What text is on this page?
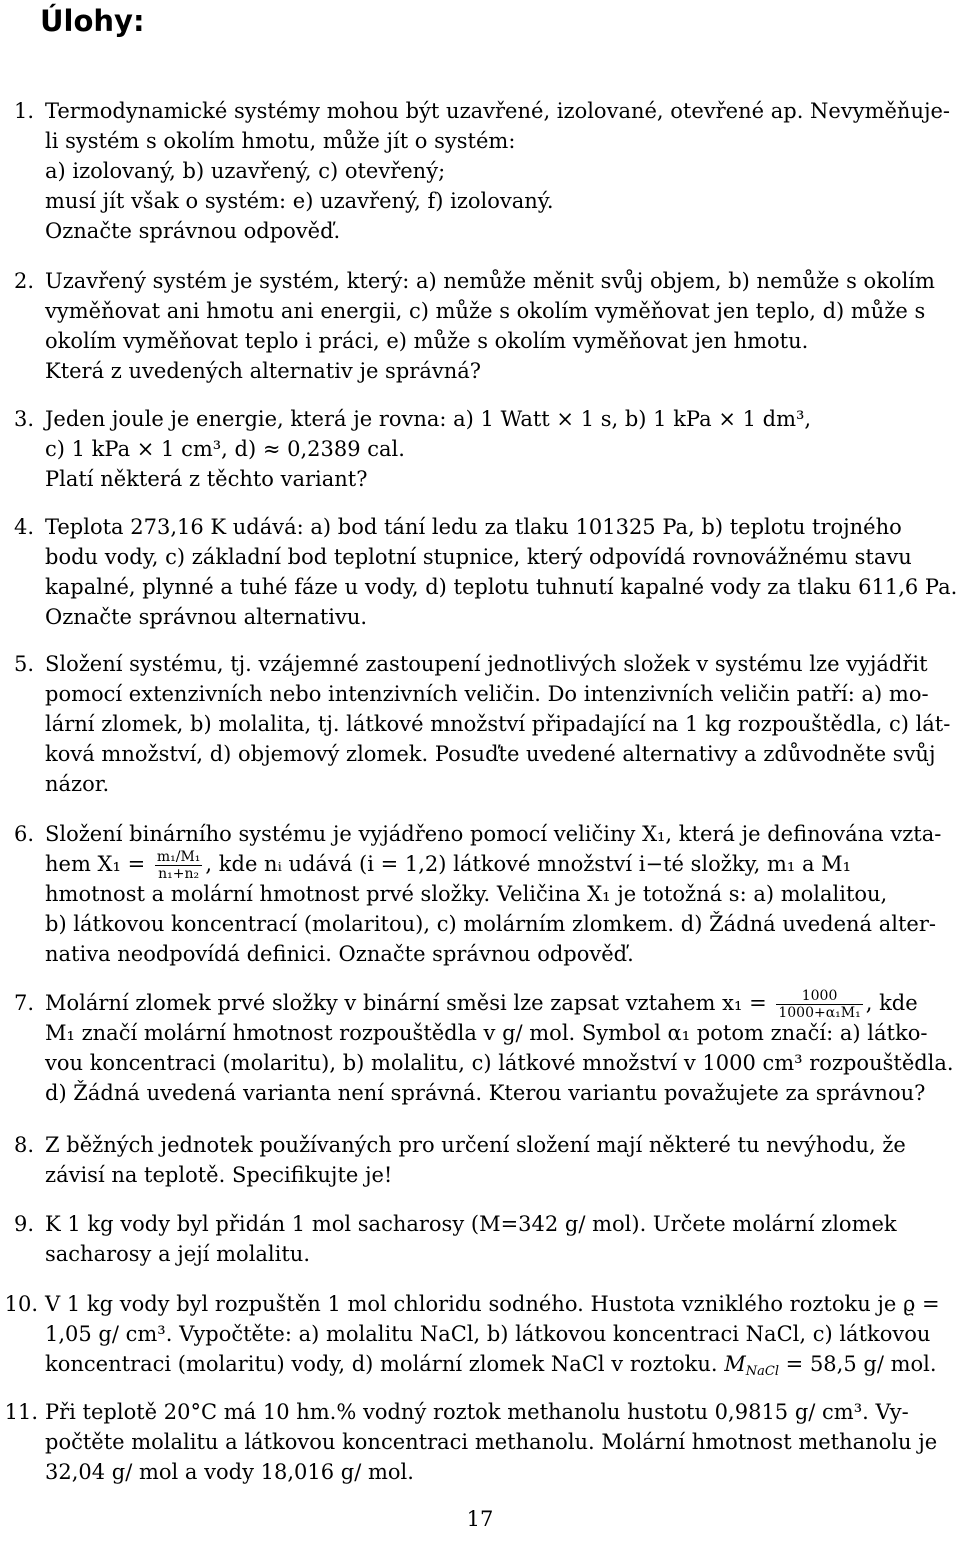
Úlohy:
1. Termodynamické systémy mohou být uzavřené, izolované, otevřené ap. Nevyměňuje-
li systém s okolím hmotu, může jít o systém:
a) izolovaný, b) uzavřený, c) otevřený;
musí jít však o systém: e) uzavřený, f) izolovaný.
Označte správnou odpověď.
2. Uzavřený systém je systém, který: a) nemůže měnit svůj objem, b) nemůže s okolím
vyměňovat ani hmotu ani energii, c) může s okolím vyměňovat jen teplo, d) může s
okolím vyměňovat teplo i práci, e) může s okolím vyměňovat jen hmotu.
Která z uvedených alternativ je správná?
3. Jeden joule je energie, která je rovna: a) 1 Watt × 1 s, b) 1 kPa × 1 dm³,
c) 1 kPa × 1 cm³, d) ≈ 0,2389 cal.
Platí některá z těchto variant?
4. Teplota 273,16 K udává: a) bod tání ledu za tlaku 101325 Pa, b) teplotu trojného
bodu vody, c) základní bod teplotní stupnice, který odpovídá rovnovážnému stavu
kapalné, plynné a tuhé fáze u vody, d) teplotu tuhnutí kapalné vody za tlaku 611,6 Pa.
Označte správnou alternativu.
5. Složení systému, tj. vzájemné zastoupení jednotlivých složek v systému lze vyjádřit
pomocí extenzivních nebo intenzivních veličin. Do intenzivních veličin patří: a) mo-
lární zlomek, b) molalita, tj. látkové množství připadající na 1 kg rozpouštědla, c) lát-
ková množství, d) objemový zlomek. Posuďte uvedené alternativy a zdůvodněte svůj
názor.
6. Složení binárního systému je vyjádřeno pomocí veličiny X₁, která je definována vzta-
hem $X_1 = \frac{\text{m₁/M₁}}{\text{n₁+n₂}}$ , kde nᵢ udává (i = 1,2) látkové množství i−té složky, m₁ a M₁
hmotnost a molární hmotnost prvé složky. Veličina X₁ je totožná s: a) molalitou,
b) látkovou koncentrací (molaritou), c) molárním zlomkem. d) Žádná uvedená alter-
nativa neodpovídá definici. Označte správnou odpověď.
7. Molární zlomek prvé složky v binární směsi lze zapsat vztahem $x_1 = \frac{1000}{\text{1000+α₁M₁}}$ , kde
M₁ značí molární hmotnost rozpouštědla v g/ mol. Symbol α₁ potom značí: a) látko-
vou koncentraci (molaritu), b) molalitu, c) látkové množství v 1000 cm³ rozpouštědla.
d) Žádná uvedená varianta není správná. Kterou variantu považujete za správnou?
8. Z běžných jednotek používaných pro určení složení mají některé tu nevýhodu, že
závisí na teplotě. Specifikujte je!
9. K 1 kg vody byl přidán 1 mol sacharosy (M=342 g/ mol). Určete molární zlomek
sacharosy a její molalitu.
10. V 1 kg vody byl rozpuštěn 1 mol chloridu sodného. Hustota vzniklého roztoku je ϱ =
1,05 g/ cm³. Vypočtěte: a) molalitu NaCl, b) látkovou koncentraci NaCl, c) látkovou
koncentraci (molaritu) vody, d) molární zlomek NaCl v roztoku. $M_{NaCl} = 58,5$ g/ mol.
11. Při teplotě 20°C má 10 hm.% vodný roztok methanolu hustotu 0,9815 g/ cm³. Vy-
počtěte molalitu a látkovou koncentraci methanolu. Molární hmotnost methanolu je
32,04 g/ mol a vody 18,016 g/ mol.
17
